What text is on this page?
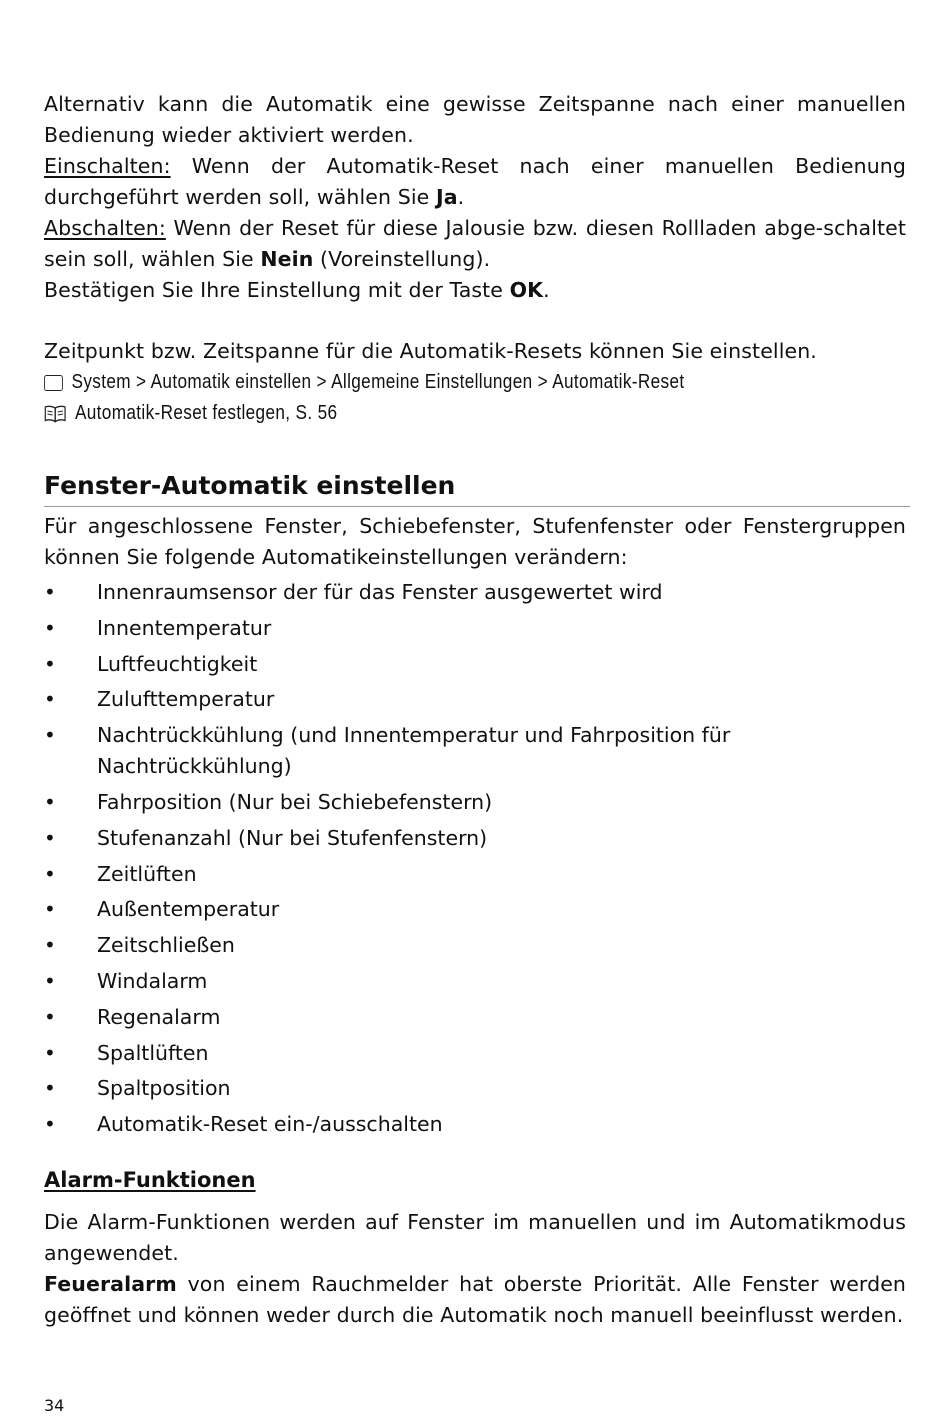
Alternativ kann die Automatik eine gewisse Zeitspanne nach einer manuellen Bedienung wieder aktiviert werden.

Einschalten: Wenn der Automatik-Reset nach einer manuellen Bedienung durchgeführt werden soll, wählen Sie Ja.

Abschalten: Wenn der Reset für diese Jalousie bzw. diesen Rollladen abge-schaltet sein soll, wählen Sie Nein (Voreinstellung).

Bestätigen Sie Ihre Einstellung mit der Taste OK.

Zeitpunkt bzw. Zeitspanne für die Automatik-Resets können Sie einstellen.

System > Automatik einstellen > Allgemeine Einstellungen > Automatik-Reset
Automatik-Reset festlegen, S. 56
Fenster-Automatik einstellen

Für angeschlossene Fenster, Schiebefenster, Stufenfenster oder Fenstergruppen können Sie folgende Automatikeinstellungen verändern:

• Innenraumsensor der für das Fenster ausgewertet wird
• Innentemperatur
• Luftfeuchtigkeit
• Zulufttemperatur
• Nachtrückkühlung (und Innentemperatur und Fahrposition für Nachtrückkühlung)
• Fahrposition (Nur bei Schiebefenstern)
• Stufenanzahl (Nur bei Stufenfenstern)
• Zeitlüften
• Außentemperatur
• Zeitschließen
• Windalarm
• Regenalarm
• Spaltlüften
• Spaltposition
• Automatik-Reset ein-/ausschalten
Alarm-Funktionen

Die Alarm-Funktionen werden auf Fenster im manuellen und im Automatikmodus angewendet.

Feueralarm von einem Rauchmelder hat oberste Priorität. Alle Fenster werden geöffnet und können weder durch die Automatik noch manuell beeinflusst werden.

34
